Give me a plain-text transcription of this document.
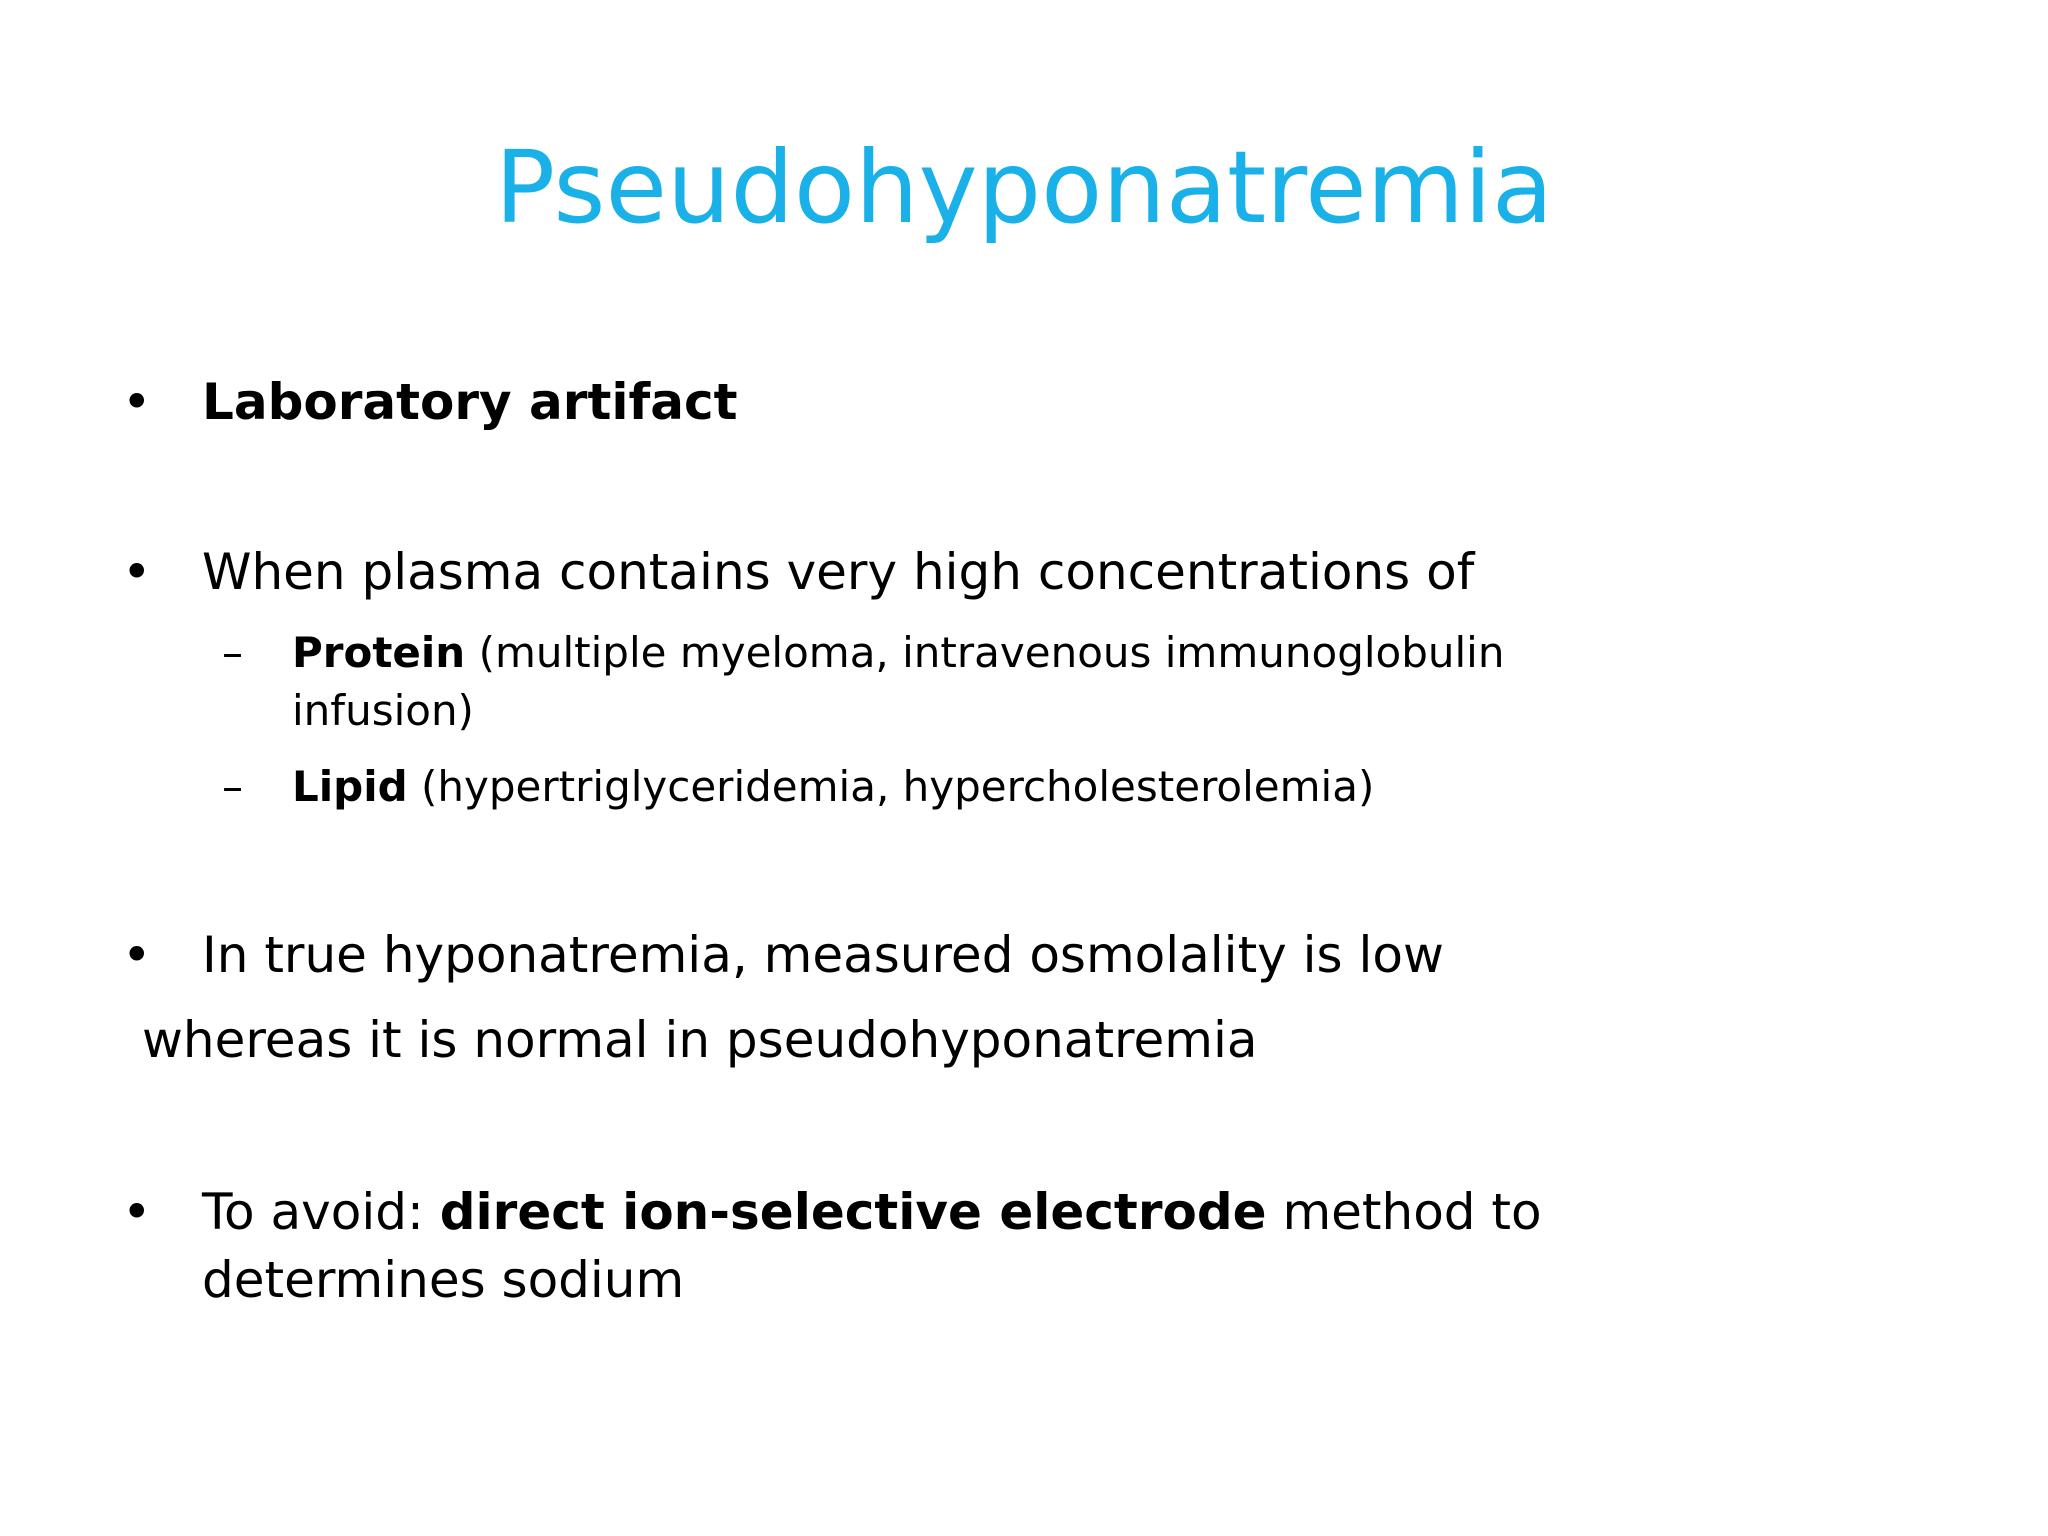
Pseudohyponatremia
•	Laboratory artifact
•	When plasma contains very high concentrations of
–	Protein (multiple myeloma, intravenous immunoglobulin
infusion)
–	Lipid (hypertriglyceridemia, hypercholesterolemia)
•	In true hyponatremia, measured osmolality is low
whereas it is normal in pseudohyponatremia
•	To avoid: direct ion-selective electrode method to
determines sodium
